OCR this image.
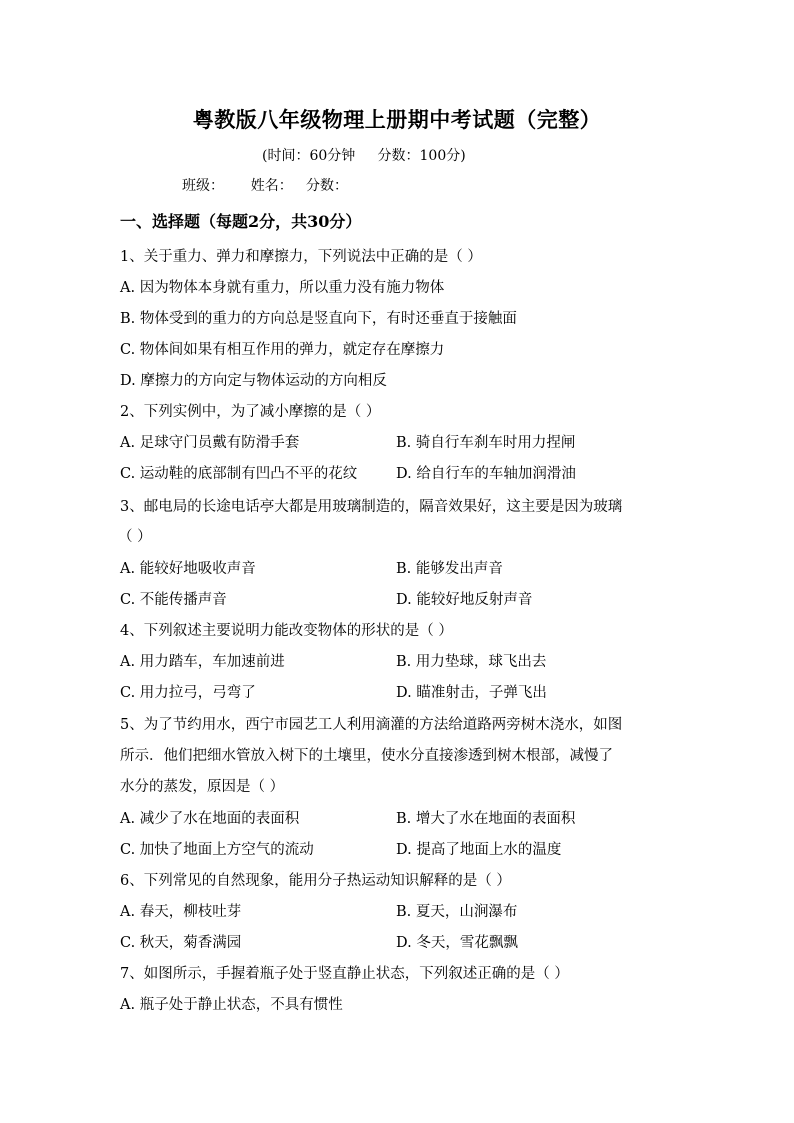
粤教版八年级物理上册期中考试题（完整）
(时间：60分钟     分数：100分)
班级：      姓名：   分数：
一、选择题（每题2分，共30分）
1、关于重力、弹力和摩擦力，下列说法中正确的是（ ）
A. 因为物体本身就有重力，所以重力没有施力物体
B. 物体受到的重力的方向总是竖直向下，有时还垂直于接触面
C. 物体间如果有相互作用的弹力，就定存在摩擦力
D. 摩擦力的方向定与物体运动的方向相反
2、下列实例中，为了减小摩擦的是（ ）
A. 足球守门员戴有防滑手套	B. 骑自行车刹车时用力捏闸
C. 运动鞋的底部制有凹凸不平的花纹	D. 给自行车的车轴加润滑油
3、邮电局的长途电话亭大都是用玻璃制造的，隔音效果好，这主要是因为玻璃
（ ）
A. 能较好地吸收声音	B. 能够发出声音
C. 不能传播声音	D. 能较好地反射声音
4、下列叙述主要说明力能改变物体的形状的是（ ）
A. 用力踏车，车加速前进	B. 用力垫球，球飞出去
C. 用力拉弓，弓弯了	D. 瞄准射击，子弹飞出
5、为了节约用水，西宁市园艺工人利用滴灌的方法给道路两旁树木浇水，如图
所示．他们把细水管放入树下的土壤里，使水分直接渗透到树木根部，减慢了
水分的蒸发，原因是（ ）
A. 减少了水在地面的表面积	B. 增大了水在地面的表面积
C. 加快了地面上方空气的流动	D. 提高了地面上水的温度
6、下列常见的自然现象，能用分子热运动知识解释的是（ ）
A. 春天，柳枝吐芽	B. 夏天，山涧瀑布
C. 秋天，菊香满园	D. 冬天，雪花飘飘
7、如图所示，手握着瓶子处于竖直静止状态，下列叙述正确的是（ ）
A. 瓶子处于静止状态，不具有惯性
